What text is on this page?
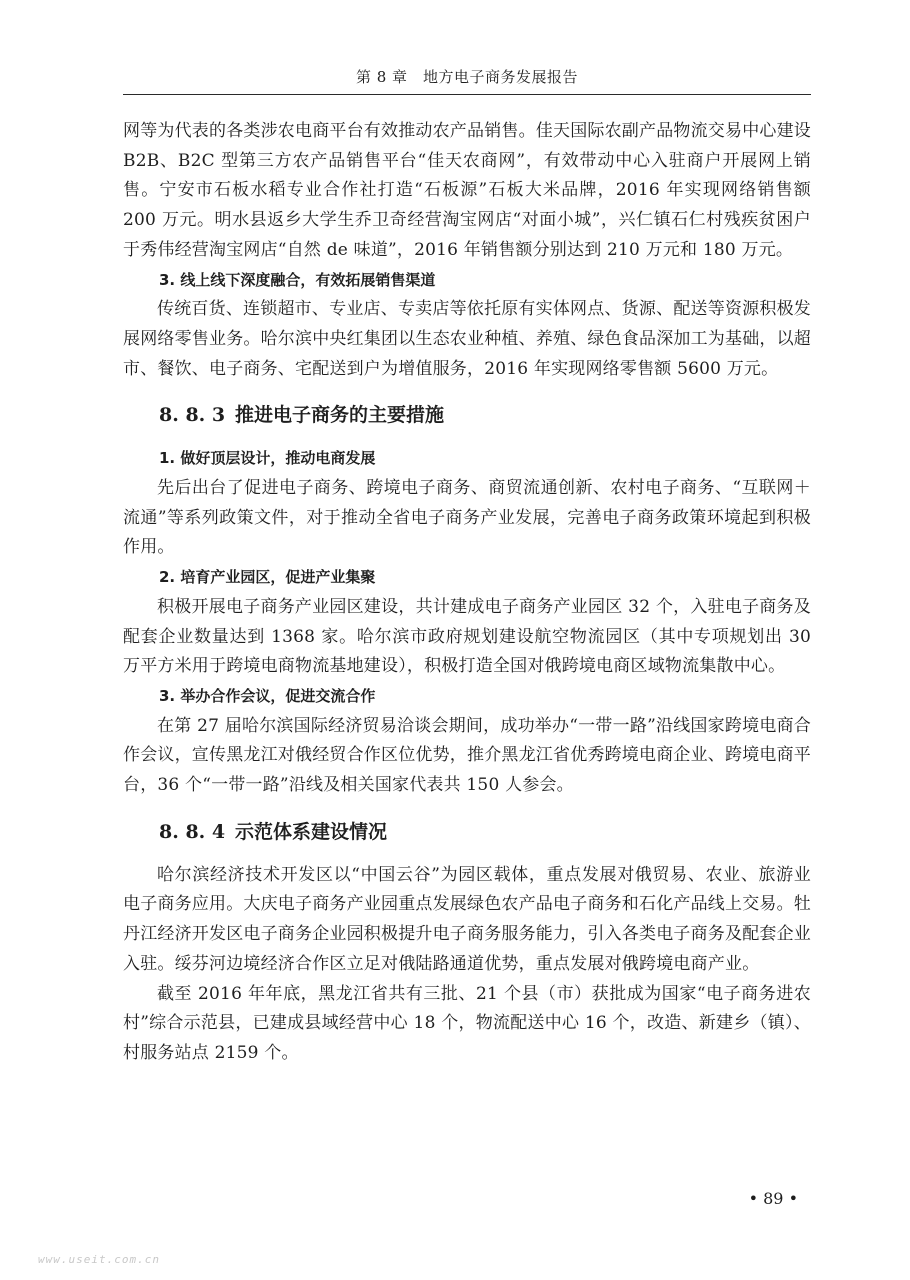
第 8 章　地方电子商务发展报告

网等为代表的各类涉农电商平台有效推动农产品销售。佳天国际农副产品物流交易中心建设 B2B、B2C 型第三方农产品销售平台“佳天农商网”，有效带动中心入驻商户开展网上销售。宁安市石板水稻专业合作社打造“石板源”石板大米品牌，2016 年实现网络销售额 200 万元。明水县返乡大学生乔卫奇经营淘宝网店“对面小城”，兴仁镇石仁村残疾贫困户于秀伟经营淘宝网店“自然 de 味道”，2016 年销售额分别达到 210 万元和 180 万元。

3. 线上线下深度融合，有效拓展销售渠道

传统百货、连锁超市、专业店、专卖店等依托原有实体网点、货源、配送等资源积极发展网络零售业务。哈尔滨中央红集团以生态农业种植、养殖、绿色食品深加工为基础，以超市、餐饮、电子商务、宅配送到户为增值服务，2016 年实现网络零售额 5600 万元。

8. 8. 3 推进电子商务的主要措施

1. 做好顶层设计，推动电商发展

先后出台了促进电子商务、跨境电子商务、商贸流通创新、农村电子商务、“互联网＋流通”等系列政策文件，对于推动全省电子商务产业发展，完善电子商务政策环境起到积极作用。

2. 培育产业园区，促进产业集聚

积极开展电子商务产业园区建设，共计建成电子商务产业园区 32 个，入驻电子商务及配套企业数量达到 1368 家。哈尔滨市政府规划建设航空物流园区（其中专项规划出 30 万平方米用于跨境电商物流基地建设），积极打造全国对俄跨境电商区域物流集散中心。

3. 举办合作会议，促进交流合作

在第 27 届哈尔滨国际经济贸易洽谈会期间，成功举办“一带一路”沿线国家跨境电商合作会议，宣传黑龙江对俄经贸合作区位优势，推介黑龙江省优秀跨境电商企业、跨境电商平台，36 个“一带一路”沿线及相关国家代表共 150 人参会。

8. 8. 4 示范体系建设情况

哈尔滨经济技术开发区以“中国云谷”为园区载体，重点发展对俄贸易、农业、旅游业电子商务应用。大庆电子商务产业园重点发展绿色农产品电子商务和石化产品线上交易。牡丹江经济开发区电子商务企业园积极提升电子商务服务能力，引入各类电子商务及配套企业入驻。绥芬河边境经济合作区立足对俄陆路通道优势，重点发展对俄跨境电商产业。

截至 2016 年年底，黑龙江省共有三批、21 个县（市）获批成为国家“电子商务进农村”综合示范县，已建成县域经营中心 18 个，物流配送中心 16 个，改造、新建乡（镇）、村服务站点 2159 个。

• 89 •
www.useit.com.cn
